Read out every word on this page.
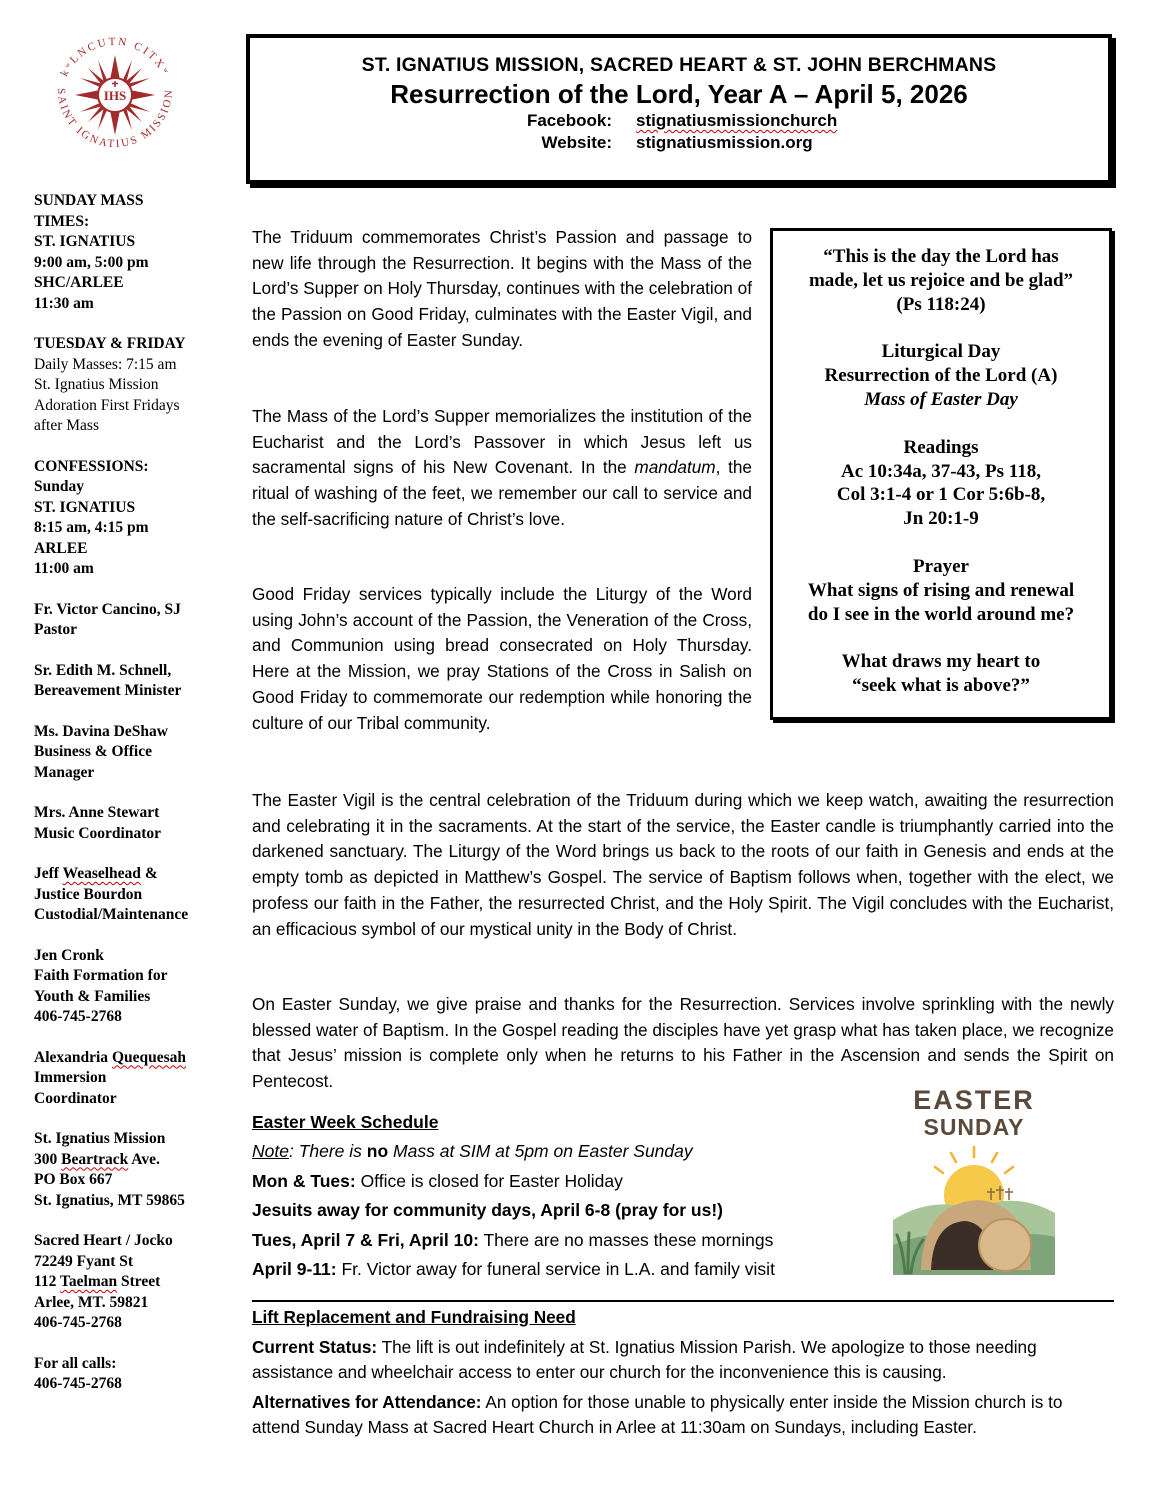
kʷLNCUTN CITXʷ
SAINT IGNATIUS MISSION
IHS
SUNDAY MASS
TIMES:
ST. IGNATIUS
9:00 am, 5:00 pm
SHC/ARLEE
11:30 am
TUESDAY & FRIDAY
Daily Masses: 7:15 am
St. Ignatius Mission
Adoration First Fridays
after Mass
CONFESSIONS:
Sunday
ST. IGNATIUS
8:15 am, 4:15 pm
ARLEE
11:00 am
Fr. Victor Cancino, SJ
Pastor
Sr. Edith M. Schnell,
Bereavement Minister
Ms. Davina DeShaw
Business & Office
Manager
Mrs. Anne Stewart
Music Coordinator
Jeff Weaselhead &
Justice Bourdon
Custodial/Maintenance
Jen Cronk
Faith Formation for
Youth & Families
406-745-2768
Alexandria Quequesah
Immersion
Coordinator
St. Ignatius Mission
300 Beartrack Ave.
PO Box 667
St. Ignatius, MT 59865
Sacred Heart / Jocko
72249 Fyant St
112 Taelman Street
Arlee, MT. 59821
406-745-2768
For all calls:
406-745-2768
ST. IGNATIUS MISSION, SACRED HEART & ST. JOHN BERCHMANS
Resurrection of the Lord, Year A – April 5, 2026
Facebook: stignatiusmissionchurch
Website: stignatiusmission.org
The Triduum commemorates Christ’s Passion and passage to new life through the Resurrection. It begins with the Mass of the Lord’s Supper on Holy Thursday, continues with the celebration of the Passion on Good Friday, culminates with the Easter Vigil, and ends the evening of Easter Sunday.
The Mass of the Lord’s Supper memorializes the institution of the Eucharist and the Lord’s Passover in which Jesus left us sacramental signs of his New Covenant. In the mandatum, the ritual of washing of the feet, we remember our call to service and the self-sacrificing nature of Christ’s love.
Good Friday services typically include the Liturgy of the Word using John’s account of the Passion, the Veneration of the Cross, and Communion using bread consecrated on Holy Thursday. Here at the Mission, we pray Stations of the Cross in Salish on Good Friday to commemorate our redemption while honoring the culture of our Tribal community.
The Easter Vigil is the central celebration of the Triduum during which we keep watch, awaiting the resurrection and celebrating it in the sacraments. At the start of the service, the Easter candle is triumphantly carried into the darkened sanctuary. The Liturgy of the Word brings us back to the roots of our faith in Genesis and ends at the empty tomb as depicted in Matthew’s Gospel. The service of Baptism follows when, together with the elect, we profess our faith in the Father, the resurrected Christ, and the Holy Spirit. The Vigil concludes with the Eucharist, an efficacious symbol of our mystical unity in the Body of Christ.
On Easter Sunday, we give praise and thanks for the Resurrection. Services involve sprinkling with the newly blessed water of Baptism. In the Gospel reading the disciples have yet grasp what has taken place, we recognize that Jesus’ mission is complete only when he returns to his Father in the Ascension and sends the Spirit on Pentecost.
“This is the day the Lord has
made, let us rejoice and be glad”
(Ps 118:24)
Liturgical Day
Resurrection of the Lord (A)
Mass of Easter Day
Readings
Ac 10:34a, 37-43, Ps 118,
Col 3:1-4 or 1 Cor 5:6b-8,
Jn 20:1-9
Prayer
What signs of rising and renewal
do I see in the world around me?
What draws my heart to
“seek what is above?”
Easter Week Schedule
Note: There is no Mass at SIM at 5pm on Easter Sunday
Mon & Tues: Office is closed for Easter Holiday
Jesuits away for community days, April 6-8 (pray for us!)
Tues, April 7 & Fri, April 10: There are no masses these mornings
April 9-11: Fr. Victor away for funeral service in L.A. and family visit
EASTER
SUNDAY

Lift Replacement and Fundraising Need

Current Status: The lift is out indefinitely at St. Ignatius Mission Parish. We apologize to those needing assistance and wheelchair access to enter our church for the inconvenience this is causing.

Alternatives for Attendance: An option for those unable to physically enter inside the Mission church is to attend Sunday Mass at Sacred Heart Church in Arlee at 11:30am on Sundays, including Easter.
